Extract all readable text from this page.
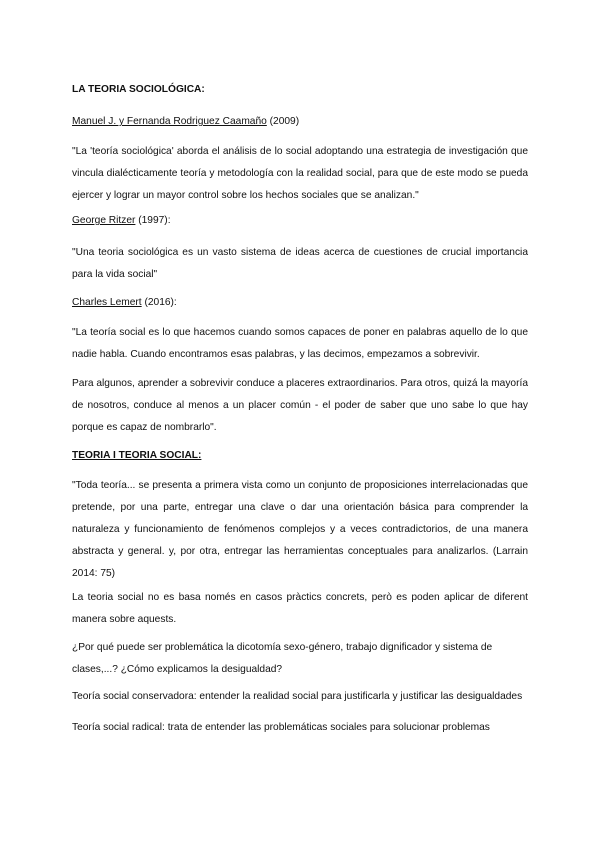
LA TEORIA SOCIOLÓGICA:

Manuel J. y Fernanda Rodriguez Caamaño (2009)

"La 'teoría sociológica' aborda el análisis de lo social adoptando una estrategia de investigación que vincula dialécticamente teoría y metodología con la realidad social, para que de este modo se pueda ejercer y lograr un mayor control sobre los hechos sociales que se analizan."

George Ritzer (1997):

"Una teoria sociológica es un vasto sistema de ideas acerca de cuestiones de crucial importancia para la vida social"

Charles Lemert (2016):

"La teoría social es lo que hacemos cuando somos capaces de poner en palabras aquello de lo que nadie habla. Cuando encontramos esas palabras, y las decimos, empezamos a sobrevivir.

Para algunos, aprender a sobrevivir conduce a placeres extraordinarios. Para otros, quizá la mayoría de nosotros, conduce al menos a un placer común - el poder de saber que uno sabe lo que hay porque es capaz de nombrarlo".

TEORIA I TEORIA SOCIAL:

"Toda teoría... se presenta a primera vista como un conjunto de proposiciones interrelacionadas que pretende, por una parte, entregar una clave o dar una orientación básica para comprender la naturaleza y funcionamiento de fenómenos complejos y a veces contradictorios, de una manera abstracta y general. y, por otra, entregar las herramientas conceptuales para analizarlos. (Larrain 2014: 75)

La teoria social no es basa només en casos pràctics concrets, però es poden aplicar de diferent manera sobre aquests.

¿Por qué puede ser problemática la dicotomía sexo-género, trabajo dignificador y sistema de clases,...? ¿Cómo explicamos la desigualdad?

Teoría social conservadora: entender la realidad social para justificarla y justificar las desigualdades

Teoría social radical: trata de entender las problemáticas sociales para solucionar problemas
